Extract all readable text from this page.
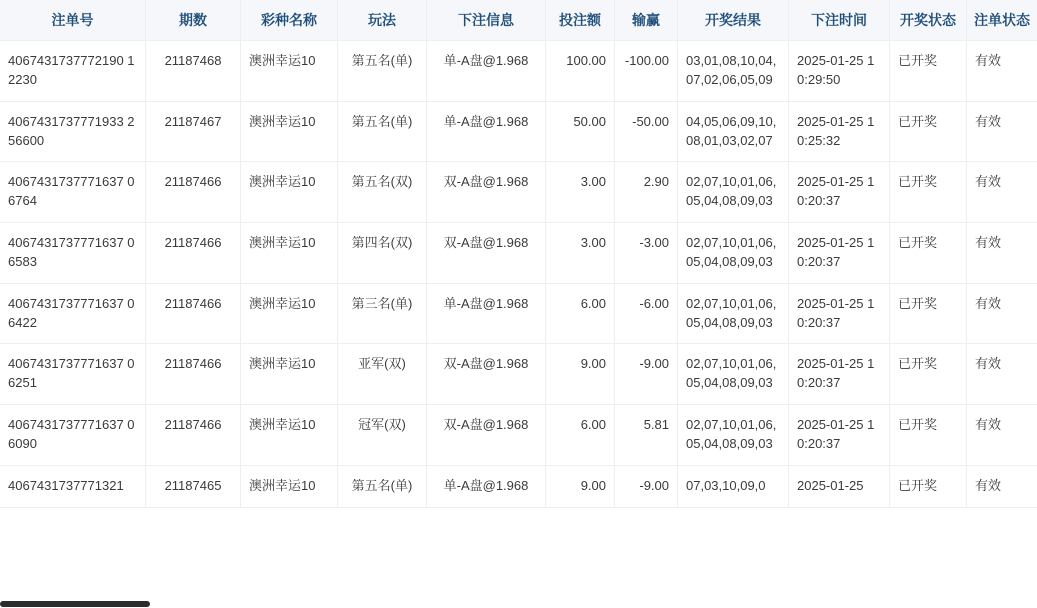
注单号	期数	彩种名称	玩法	下注信息	投注额	输赢	开奖结果	下注时间	开奖状态	注单状态
4067431737772190 12230	21187468	澳洲幸运10	第五名(单)	单-A盘@1.968	100.00	-100.00	03,01,08,10,04,07,02,06,05,09	2025-01-25 10:29:50	已开奖	有效
4067431737771933 256600	21187467	澳洲幸运10	第五名(单)	单-A盘@1.968	50.00	-50.00	04,05,06,09,10,08,01,03,02,07	2025-01-25 10:25:32	已开奖	有效
4067431737771637 06764	21187466	澳洲幸运10	第五名(双)	双-A盘@1.968	3.00	2.90	02,07,10,01,06,05,04,08,09,03	2025-01-25 10:20:37	已开奖	有效
4067431737771637 06583	21187466	澳洲幸运10	第四名(双)	双-A盘@1.968	3.00	-3.00	02,07,10,01,06,05,04,08,09,03	2025-01-25 10:20:37	已开奖	有效
4067431737771637 06422	21187466	澳洲幸运10	第三名(单)	单-A盘@1.968	6.00	-6.00	02,07,10,01,06,05,04,08,09,03	2025-01-25 10:20:37	已开奖	有效
4067431737771637 06251	21187466	澳洲幸运10	亚军(双)	双-A盘@1.968	9.00	-9.00	02,07,10,01,06,05,04,08,09,03	2025-01-25 10:20:37	已开奖	有效
4067431737771637 06090	21187466	澳洲幸运10	冠军(双)	双-A盘@1.968	6.00	5.81	02,07,10,01,06,05,04,08,09,03	2025-01-25 10:20:37	已开奖	有效
4067431737771321	21187465	澳洲幸运10	第五名(单)	单-A盘@1.968	9.00	-9.00	07,03,10,09,0	2025-01-25	已开奖	有效
